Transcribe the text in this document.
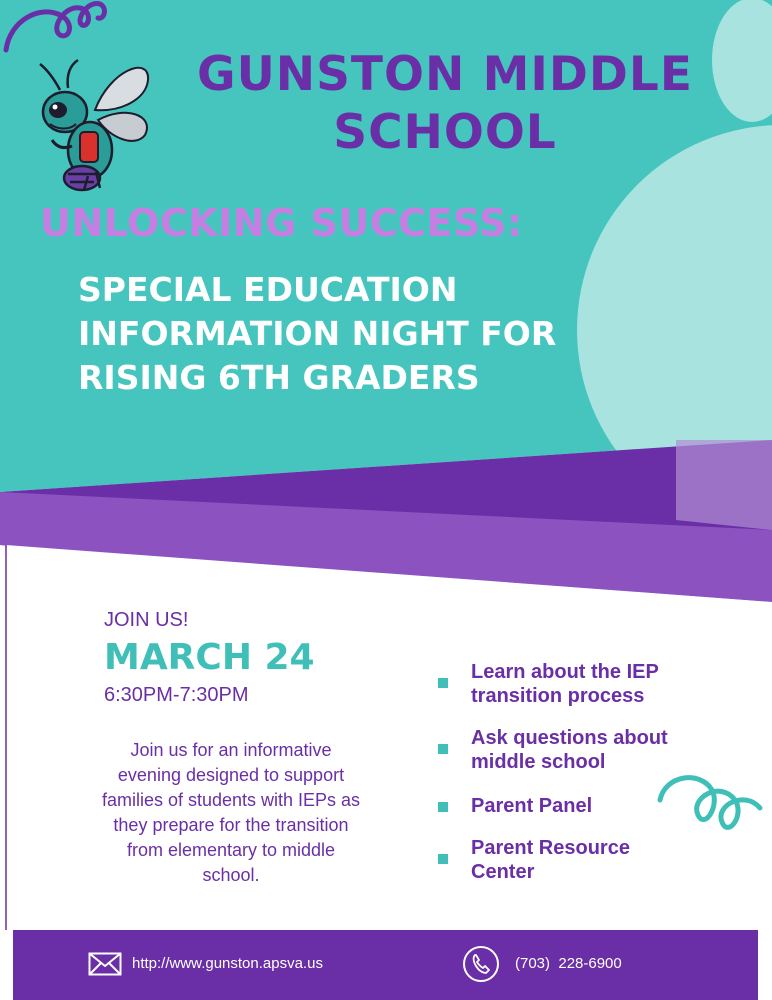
GUNSTON MIDDLE
SCHOOL
UNLOCKING SUCCESS:
SPECIAL EDUCATION
INFORMATION NIGHT FOR
RISING 6TH GRADERS
JOIN US!
MARCH 24
6:30PM-7:30PM
Join us for an informative evening designed to support families of students with IEPs as they prepare for the transition from elementary to middle school.
Learn about the IEP
transition process
Ask questions about
middle school
Parent Panel
Parent Resource
Center
http://www.gunston.apsva.us	(703)  228-6900
